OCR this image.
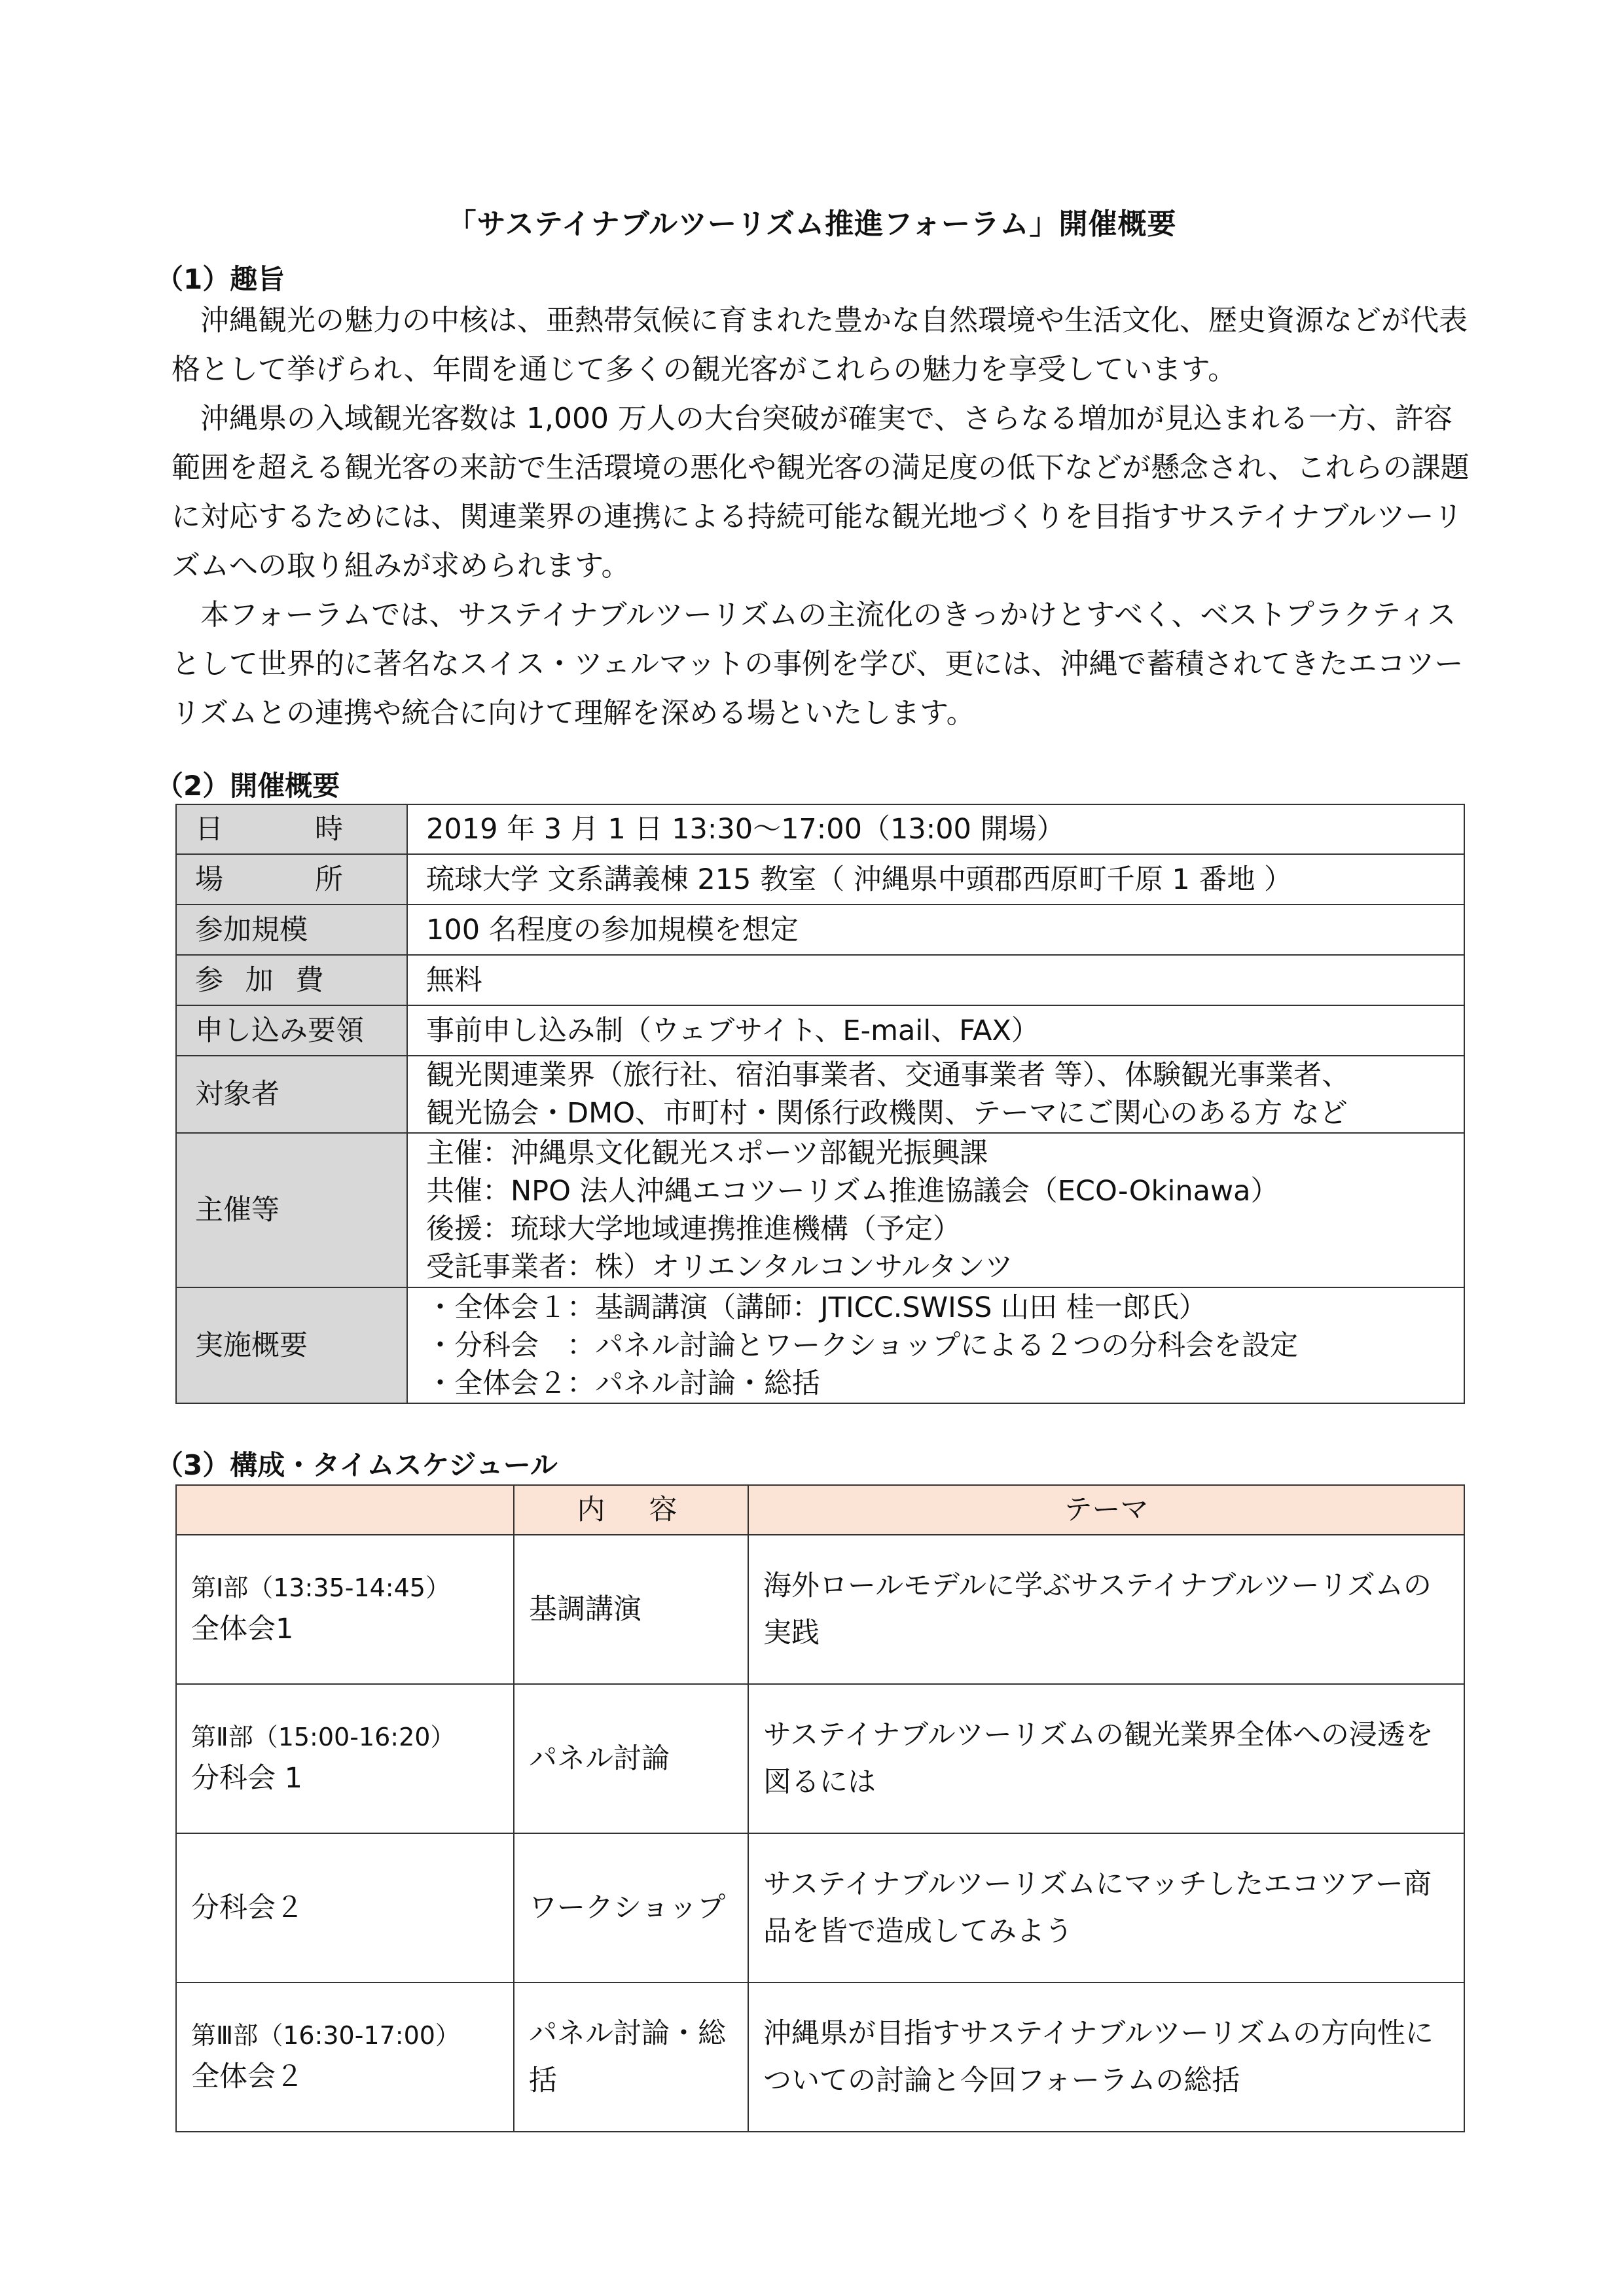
「サステイナブルツーリズム推進フォーラム」開催概要
（1）趣旨
沖縄観光の魅力の中核は、亜熱帯気候に育まれた豊かな自然環境や生活文化、歴史資源などが代表格として挙げられ、年間を通じて多くの観光客がこれらの魅力を享受しています。
沖縄県の入域観光客数は 1,000 万人の大台突破が確実で、さらなる増加が見込まれる一方、許容範囲を超える観光客の来訪で生活環境の悪化や観光客の満足度の低下などが懸念され、これらの課題に対応するためには、関連業界の連携による持続可能な観光地づくりを目指すサステイナブルツーリズムへの取り組みが求められます。
本フォーラムでは、サステイナブルツーリズムの主流化のきっかけとすべく、ベストプラクティスとして世界的に著名なスイス・ツェルマットの事例を学び、更には、沖縄で蓄積されてきたエコツーリズムとの連携や統合に向けて理解を深める場といたします。
（2）開催概要
日　　時	2019 年 3 月 1 日 13:30～17:00（13:00 開場）
場　　所	琉球大学 文系講義棟 215 教室（ 沖縄県中頭郡西原町千原 1 番地 ）
参加規模	100 名程度の参加規模を想定
参 加 費	無料
申し込み要領	事前申し込み制（ウェブサイト、E-mail、FAX）
対象者	観光関連業界（旅行社、宿泊事業者、交通事業者 等）、体験観光事業者、
観光協会・DMO、市町村・関係行政機関、テーマにご関心のある方 など

主催等	主催：沖縄県文化観光スポーツ部観光振興課
共催：NPO 法人沖縄エコツーリズム推進協議会（ECO-Okinawa）
後援：琉球大学地域連携推進機構（予定）
受託事業者：株）オリエンタルコンサルタンツ

実施概要	・全体会１：基調講演（講師：JTICC.SWISS 山田 桂一郎氏）
・分科会　：パネル討論とワークショップによる２つの分科会を設定
・全体会２：パネル討論・総括
（3）構成・タイムスケジュール
	内　容	テーマ

第Ⅰ部（13:35-14:45）
全体会1	基調講演	海外ロールモデルに学ぶサステイナブルツーリズムの実践

第Ⅱ部（15:00-16:20）
分科会 1	パネル討論	サステイナブルツーリズムの観光業界全体への浸透を図るには

分科会２	ワークショップ	サステイナブルツーリズムにマッチしたエコツアー商品を皆で造成してみよう

第Ⅲ部（16:30-17:00）
全体会２	パネル討論・総括	沖縄県が目指すサステイナブルツーリズムの方向性についての討論と今回フォーラムの総括
